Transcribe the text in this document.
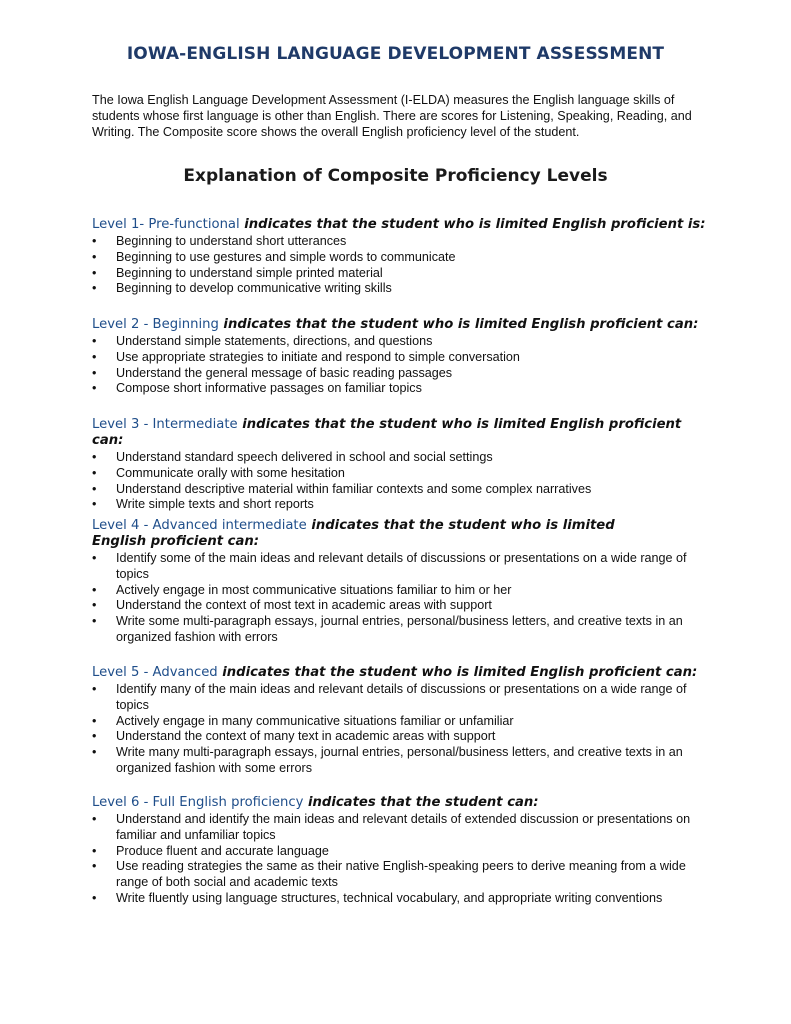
IOWA-ENGLISH LANGUAGE DEVELOPMENT ASSESSMENT
The Iowa English Language Development Assessment (I-ELDA) measures the English language skills of students whose first language is other than English. There are scores for Listening, Speaking, Reading, and Writing. The Composite score shows the overall English proficiency level of the student.
Explanation of Composite Proficiency Levels
Level 1- Pre-functional indicates that the student who is limited English proficient is:
• Beginning to understand short utterances
• Beginning to use gestures and simple words to communicate
• Beginning to understand simple printed material
• Beginning to develop communicative writing skills
Level 2 - Beginning indicates that the student who is limited English proficient can:
• Understand simple statements, directions, and questions
• Use appropriate strategies to initiate and respond to simple conversation
• Understand the general message of basic reading passages
• Compose short informative passages on familiar topics
Level 3 - Intermediate indicates that the student who is limited English proficient can:
• Understand standard speech delivered in school and social settings
• Communicate orally with some hesitation
• Understand descriptive material within familiar contexts and some complex narratives
• Write simple texts and short reports
Level 4 - Advanced intermediate indicates that the student who is limited English proficient can:
• Identify some of the main ideas and relevant details of discussions or presentations on a wide range of topics
• Actively engage in most communicative situations familiar to him or her
• Understand the context of most text in academic areas with support
• Write some multi-paragraph essays, journal entries, personal/business letters, and creative texts in an organized fashion with errors
Level 5 - Advanced indicates that the student who is limited English proficient can:
• Identify many of the main ideas and relevant details of discussions or presentations on a wide range of topics
• Actively engage in many communicative situations familiar or unfamiliar
• Understand the context of many text in academic areas with support
• Write many multi-paragraph essays, journal entries, personal/business letters, and creative texts in an organized fashion with some errors
Level 6 - Full English proficiency indicates that the student can:
• Understand and identify the main ideas and relevant details of extended discussion or presentations on familiar and unfamiliar topics
• Produce fluent and accurate language
• Use reading strategies the same as their native English-speaking peers to derive meaning from a wide range of both social and academic texts
• Write fluently using language structures, technical vocabulary, and appropriate writing conventions
